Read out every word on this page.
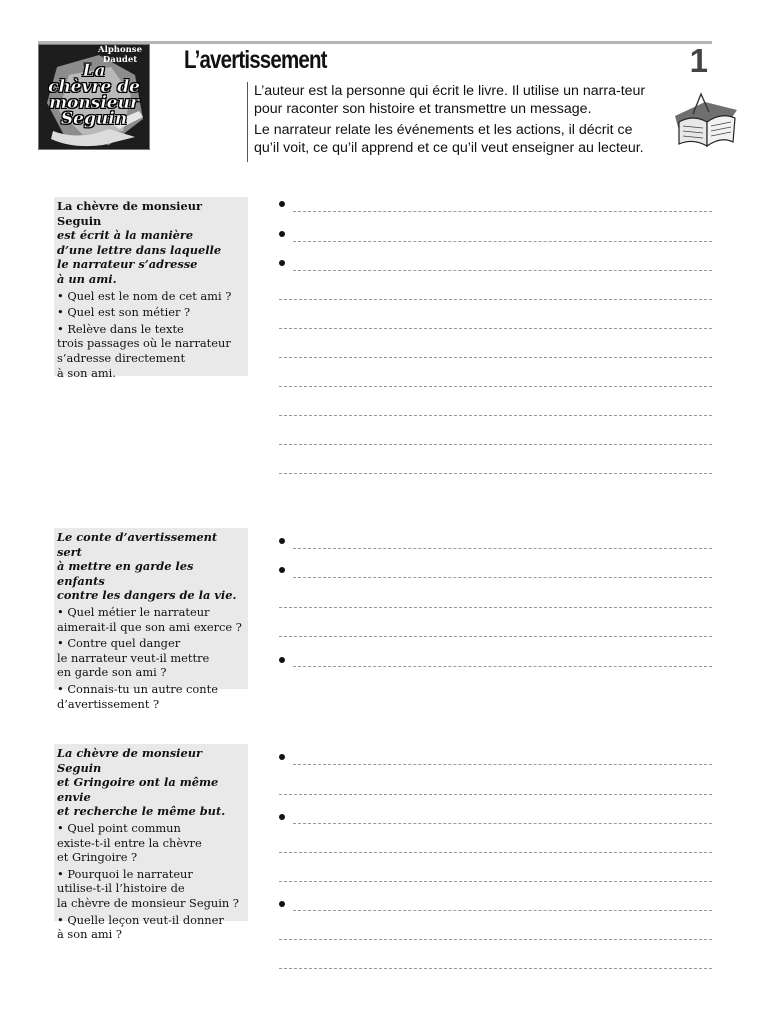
Alphonse
Daudet
La
chèvre de
monsieur
Seguin
L’avertissement	1

L’auteur est la personne qui écrit le livre. Il utilise un narra-teur pour raconter son histoire et transmettre un message.

Le narrateur relate les événements et les actions, il décrit ce qu’il voit, ce qu’il apprend et ce qu’il veut enseigner au lecteur.

La chèvre de monsieur Seguin
est écrit à la manière
d’une lettre dans laquelle
le narrateur s’adresse
à un ami.
• Quel est le nom de cet ami ?
• Quel est son métier ?
• Relève dans le texte
trois passages où le narrateur
s’adresse directement
à son ami.
Le conte d’avertissement sert
à mettre en garde les enfants
contre les dangers de la vie.
• Quel métier le narrateur
aimerait-il que son ami exerce ?
• Contre quel danger
le narrateur veut-il mettre
en garde son ami ?
• Connais-tu un autre conte
d’avertissement ?
La chèvre de monsieur Seguin
et Gringoire ont la même envie
et recherche le même but.
• Quel point commun
existe-t-il entre la chèvre
et Gringoire ?
• Pourquoi le narrateur
utilise-t-il l’histoire de
la chèvre de monsieur Seguin ?
• Quelle leçon veut-il donner
à son ami ?
